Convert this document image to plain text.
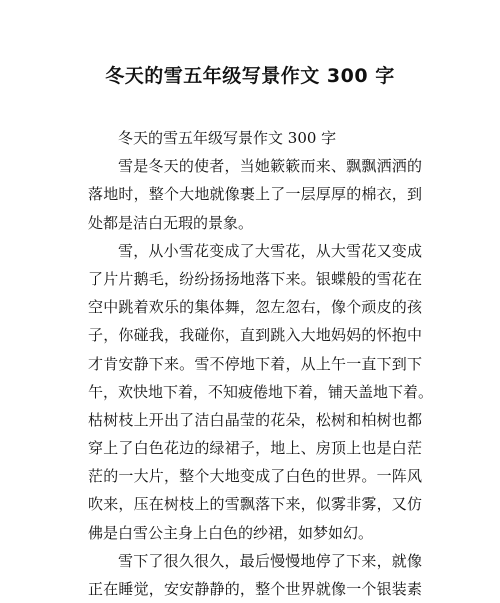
冬天的雪五年级写景作文 300 字
冬天的雪五年级写景作文 300 字
雪是冬天的使者，当她簌簌而来、飘飘洒洒的
落地时，整个大地就像裹上了一层厚厚的棉衣，到
处都是洁白无瑕的景象。
雪，从小雪花变成了大雪花，从大雪花又变成
了片片鹅毛，纷纷扬扬地落下来。银蝶般的雪花在
空中跳着欢乐的集体舞，忽左忽右，像个顽皮的孩
子，你碰我，我碰你，直到跳入大地妈妈的怀抱中
才肯安静下来。雪不停地下着，从上午一直下到下
午，欢快地下着，不知疲倦地下着，铺天盖地下着。
枯树枝上开出了洁白晶莹的花朵，松树和柏树也都
穿上了白色花边的绿裙子，地上、房顶上也是白茫
茫的一大片，整个大地变成了白色的世界。一阵风
吹来，压在树枝上的雪飘落下来，似雾非雾，又仿
佛是白雪公主身上白色的纱裙，如梦如幻。
雪下了很久很久，最后慢慢地停了下来，就像
正在睡觉，安安静静的，整个世界就像一个银装素
